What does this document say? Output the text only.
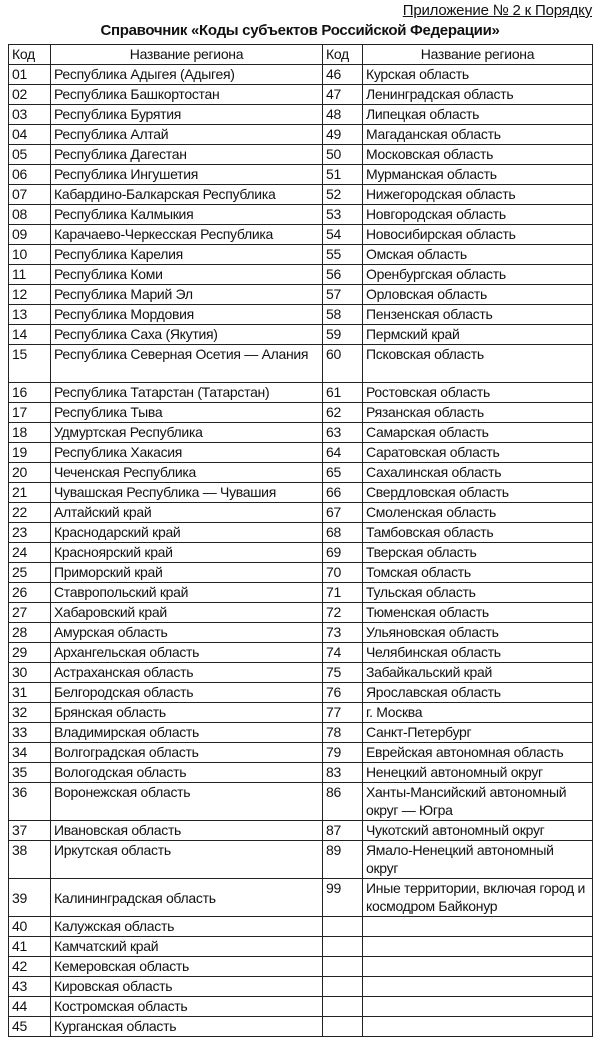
Приложение № 2 к Порядку
Справочник «Коды субъектов Российской Федерации»
Код	Название региона	Код	Название региона
01	Республика Адыгея (Адыгея)	46	Курская область
02	Республика Башкортостан	47	Ленинградская область
03	Республика Бурятия	48	Липецкая область
04	Республика Алтай	49	Магаданская область
05	Республика Дагестан	50	Московская область
06	Республика Ингушетия	51	Мурманская область
07	Кабардино-Балкарская Республика	52	Нижегородская область
08	Республика Калмыкия	53	Новгородская область
09	Карачаево-Черкесская Республика	54	Новосибирская область
10	Республика Карелия	55	Омская область
11	Республика Коми	56	Оренбургская область
12	Республика Марий Эл	57	Орловская область
13	Республика Мордовия	58	Пензенская область
14	Республика Саха (Якутия)	59	Пермский край
15	Республика Северная Осетия — Алания	60	Псковская область
16	Республика Татарстан (Татарстан)	61	Ростовская область
17	Республика Тыва	62	Рязанская область
18	Удмуртская Республика	63	Самарская область
19	Республика Хакасия	64	Саратовская область
20	Чеченская Республика	65	Сахалинская область
21	Чувашская Республика — Чувашия	66	Свердловская область
22	Алтайский край	67	Смоленская область
23	Краснодарский край	68	Тамбовская область
24	Красноярский край	69	Тверская область
25	Приморский край	70	Томская область
26	Ставропольский край	71	Тульская область
27	Хабаровский край	72	Тюменская область
28	Амурская область	73	Ульяновская область
29	Архангельская область	74	Челябинская область
30	Астраханская область	75	Забайкальский край
31	Белгородская область	76	Ярославская область
32	Брянская область	77	г. Москва
33	Владимирская область	78	Санкт-Петербург
34	Волгоградская область	79	Еврейская автономная область
35	Вологодская область	83	Ненецкий автономный округ
36	Воронежская область	86	Ханты-Мансийский автономный округ — Югра
37	Ивановская область	87	Чукотский автономный округ
38	Иркутская область	89	Ямало-Ненецкий автономный округ
39	Калининградская область	99	Иные территории, включая город и космодром Байконур
40	Калужская область		
41	Камчатский край		
42	Кемеровская область		
43	Кировская область		
44	Костромская область		
45	Курганская область		
